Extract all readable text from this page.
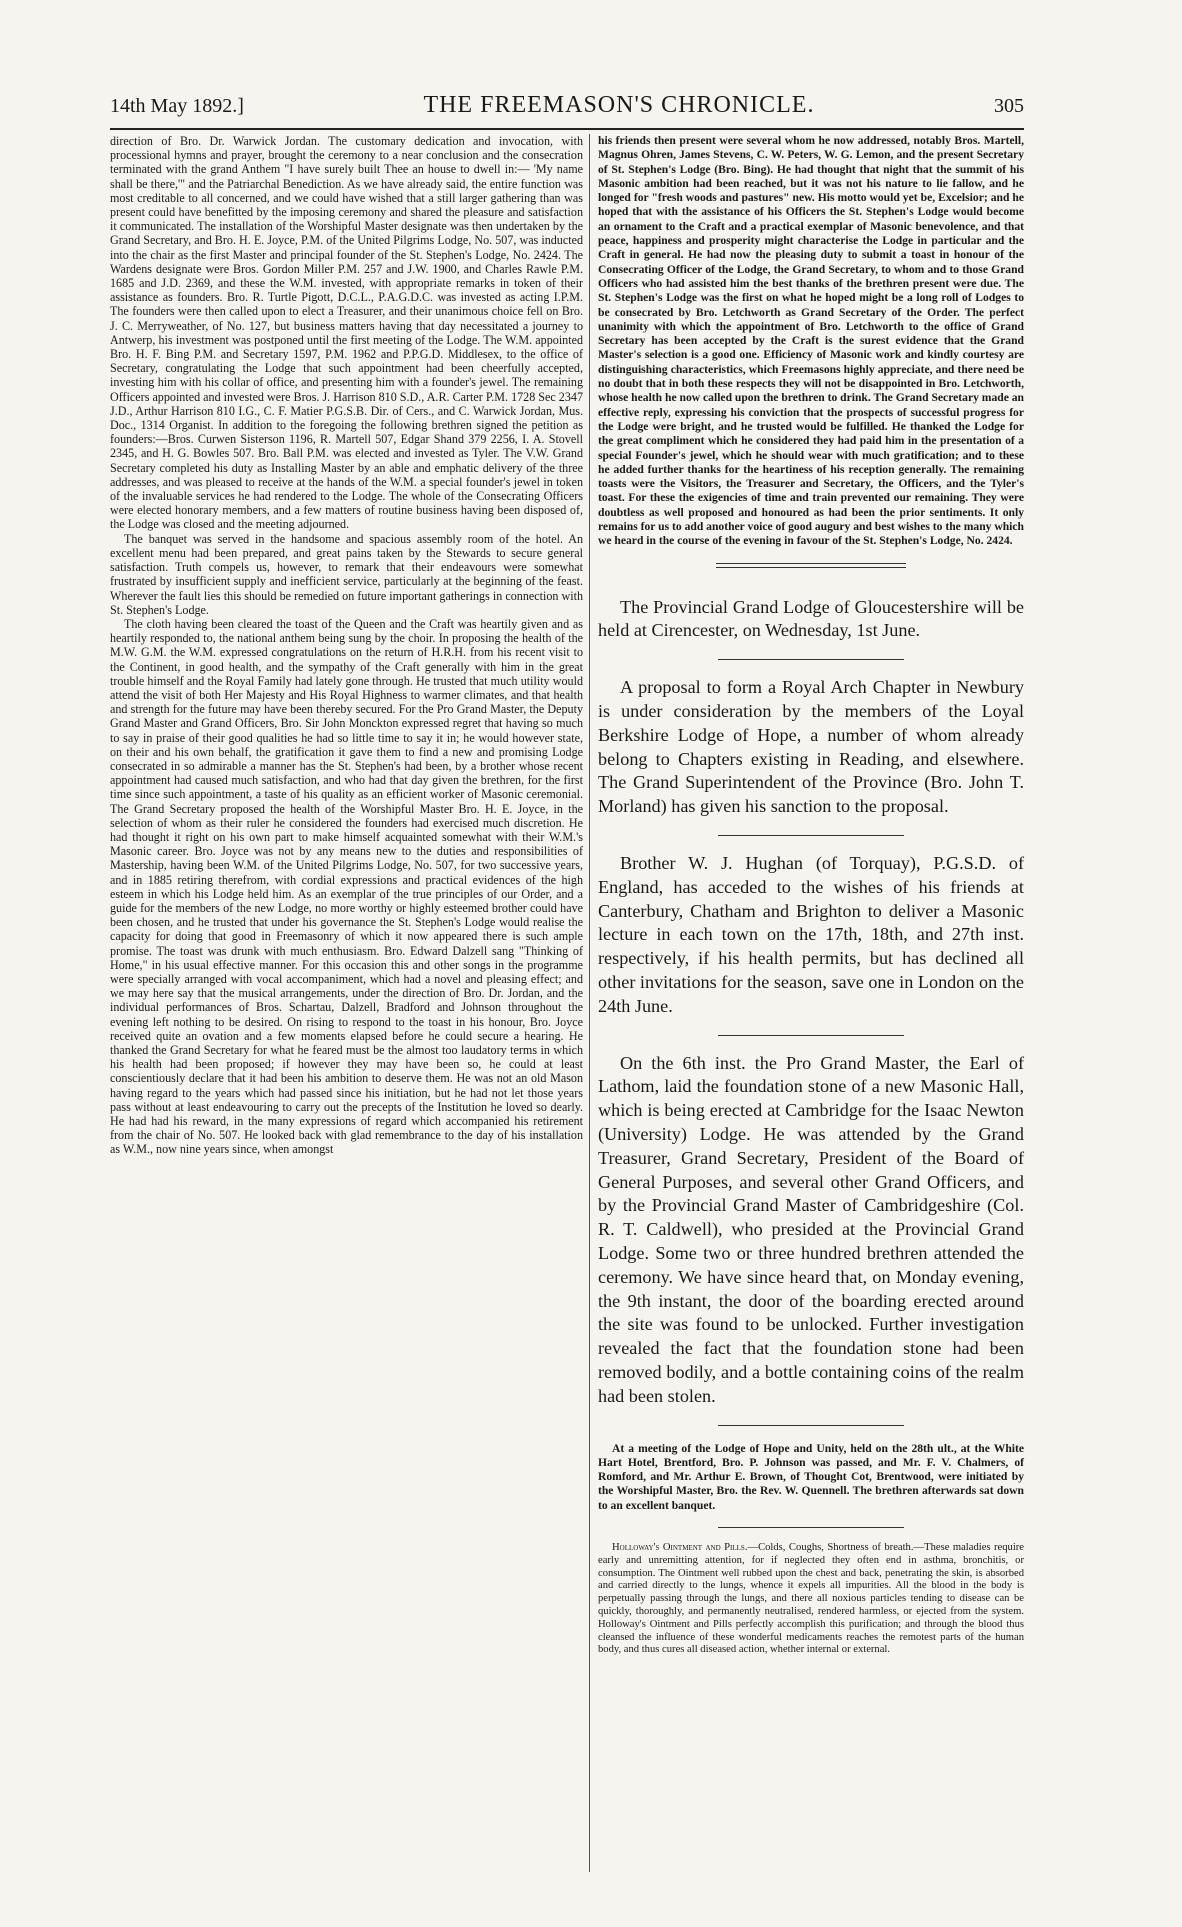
14th May 1892.]	THE FREEMASON'S CHRONICLE.	305

direction of Bro. Dr. Warwick Jordan. The customary dedication and invocation, with processional hymns and prayer, brought the ceremony to a near conclusion and the consecration terminated with the grand Anthem "I have surely built Thee an house to dwell in:— 'My name shall be there,'" and the Patriarchal Benediction. As we have already said, the entire function was most creditable to all concerned, and we could have wished that a still larger gathering than was present could have benefitted by the imposing ceremony and shared the pleasure and satisfaction it communicated. The installation of the Worshipful Master designate was then undertaken by the Grand Secretary, and Bro. H. E. Joyce, P.M. of the United Pilgrims Lodge, No. 507, was inducted into the chair as the first Master and principal founder of the St. Stephen's Lodge, No. 2424. The Wardens designate were Bros. Gordon Miller P.M. 257 and J.W. 1900, and Charles Rawle P.M. 1685 and J.D. 2369, and these the W.M. invested, with appropriate remarks in token of their assistance as founders. Bro. R. Turtle Pigott, D.C.L., P.A.G.D.C. was invested as acting I.P.M. The founders were then called upon to elect a Treasurer, and their unanimous choice fell on Bro. J. C. Merryweather, of No. 127, but business matters having that day necessitated a journey to Antwerp, his investment was postponed until the first meeting of the Lodge. The W.M. appointed Bro. H. F. Bing P.M. and Secretary 1597, P.M. 1962 and P.P.G.D. Middlesex, to the office of Secretary, congratulating the Lodge that such appointment had been cheerfully accepted, investing him with his collar of office, and presenting him with a founder's jewel. The remaining Officers appointed and invested were Bros. J. Harrison 810 S.D., A.R. Carter P.M. 1728 Sec 2347 J.D., Arthur Harrison 810 I.G., C. F. Matier P.G.S.B. Dir. of Cers., and C. Warwick Jordan, Mus. Doc., 1314 Organist. In addition to the foregoing the following brethren signed the petition as founders:—Bros. Curwen Sisterson 1196, R. Martell 507, Edgar Shand 379 2256, I. A. Stovell 2345, and H. G. Bowles 507. Bro. Ball P.M. was elected and invested as Tyler. The V.W. Grand Secretary completed his duty as Installing Master by an able and emphatic delivery of the three addresses, and was pleased to receive at the hands of the W.M. a special founder's jewel in token of the invaluable services he had rendered to the Lodge. The whole of the Consecrating Officers were elected honorary members, and a few matters of routine business having been disposed of, the Lodge was closed and the meeting adjourned.

The banquet was served in the handsome and spacious assembly room of the hotel. An excellent menu had been prepared, and great pains taken by the Stewards to secure general satisfaction. Truth compels us, however, to remark that their endeavours were somewhat frustrated by insufficient supply and inefficient service, particularly at the beginning of the feast. Wherever the fault lies this should be remedied on future important gatherings in connection with St. Stephen's Lodge.

The cloth having been cleared the toast of the Queen and the Craft was heartily given and as heartily responded to, the national anthem being sung by the choir. In proposing the health of the M.W. G.M. the W.M. expressed congratulations on the return of H.R.H. from his recent visit to the Continent, in good health, and the sympathy of the Craft generally with him in the great trouble himself and the Royal Family had lately gone through. He trusted that much utility would attend the visit of both Her Majesty and His Royal Highness to warmer climates, and that health and strength for the future may have been thereby secured. For the Pro Grand Master, the Deputy Grand Master and Grand Officers, Bro. Sir John Monckton expressed regret that having so much to say in praise of their good qualities he had so little time to say it in; he would however state, on their and his own behalf, the gratification it gave them to find a new and promising Lodge consecrated in so admirable a manner has the St. Stephen's had been, by a brother whose recent appointment had caused much satisfaction, and who had that day given the brethren, for the first time since such appointment, a taste of his quality as an efficient worker of Masonic ceremonial. The Grand Secretary proposed the health of the Worshipful Master Bro. H. E. Joyce, in the selection of whom as their ruler he considered the founders had exercised much discretion. He had thought it right on his own part to make himself acquainted somewhat with their W.M.'s Masonic career. Bro. Joyce was not by any means new to the duties and responsibilities of Mastership, having been W.M. of the United Pilgrims Lodge, No. 507, for two successive years, and in 1885 retiring therefrom, with cordial expressions and practical evidences of the high esteem in which his Lodge held him. As an exemplar of the true principles of our Order, and a guide for the members of the new Lodge, no more worthy or highly esteemed brother could have been chosen, and he trusted that under his governance the St. Stephen's Lodge would realise the capacity for doing that good in Freemasonry of which it now appeared there is such ample promise. The toast was drunk with much enthusiasm. Bro. Edward Dalzell sang "Thinking of Home," in his usual effective manner. For this occasion this and other songs in the programme were specially arranged with vocal accompaniment, which had a novel and pleasing effect; and we may here say that the musical arrangements, under the direction of Bro. Dr. Jordan, and the individual performances of Bros. Schartau, Dalzell, Bradford and Johnson throughout the evening left nothing to be desired. On rising to respond to the toast in his honour, Bro. Joyce received quite an ovation and a few moments elapsed before he could secure a hearing. He thanked the Grand Secretary for what he feared must be the almost too laudatory terms in which his health had been proposed; if however they may have been so, he could at least conscientiously declare that it had been his ambition to deserve them. He was not an old Mason having regard to the years which had passed since his initiation, but he had not let those years pass without at least endeavouring to carry out the precepts of the Institution he loved so dearly. He had had his reward, in the many expressions of regard which accompanied his retirement from the chair of No. 507. He looked back with glad remembrance to the day of his installation as W.M., now nine years since, when amongst

his friends then present were several whom he now addressed, notably Bros. Martell, Magnus Ohren, James Stevens, C. W. Peters, W. G. Lemon, and the present Secretary of St. Stephen's Lodge (Bro. Bing). He had thought that night that the summit of his Masonic ambition had been reached, but it was not his nature to lie fallow, and he longed for "fresh woods and pastures" new. His motto would yet be, Excelsior; and he hoped that with the assistance of his Officers the St. Stephen's Lodge would become an ornament to the Craft and a practical exemplar of Masonic benevolence, and that peace, happiness and prosperity might characterise the Lodge in particular and the Craft in general. He had now the pleasing duty to submit a toast in honour of the Consecrating Officer of the Lodge, the Grand Secretary, to whom and to those Grand Officers who had assisted him the best thanks of the brethren present were due. The St. Stephen's Lodge was the first on what he hoped might be a long roll of Lodges to be consecrated by Bro. Letchworth as Grand Secretary of the Order. The perfect unanimity with which the appointment of Bro. Letchworth to the office of Grand Secretary has been accepted by the Craft is the surest evidence that the Grand Master's selection is a good one. Efficiency of Masonic work and kindly courtesy are distinguishing characteristics, which Freemasons highly appreciate, and there need be no doubt that in both these respects they will not be disappointed in Bro. Letchworth, whose health he now called upon the brethren to drink. The Grand Secretary made an effective reply, expressing his conviction that the prospects of successful progress for the Lodge were bright, and he trusted would be fulfilled. He thanked the Lodge for the great compliment which he considered they had paid him in the presentation of a special Founder's jewel, which he should wear with much gratification; and to these he added further thanks for the heartiness of his reception generally. The remaining toasts were the Visitors, the Treasurer and Secretary, the Officers, and the Tyler's toast. For these the exigencies of time and train prevented our remaining. They were doubtless as well proposed and honoured as had been the prior sentiments. It only remains for us to add another voice of good augury and best wishes to the many which we heard in the course of the evening in favour of the St. Stephen's Lodge, No. 2424.

The Provincial Grand Lodge of Gloucestershire will be held at Cirencester, on Wednesday, 1st June.

A proposal to form a Royal Arch Chapter in Newbury is under consideration by the members of the Loyal Berkshire Lodge of Hope, a number of whom already belong to Chapters existing in Reading, and elsewhere. The Grand Superintendent of the Province (Bro. John T. Morland) has given his sanction to the proposal.

Brother W. J. Hughan (of Torquay), P.G.S.D. of England, has acceded to the wishes of his friends at Canterbury, Chatham and Brighton to deliver a Masonic lecture in each town on the 17th, 18th, and 27th inst. respectively, if his health permits, but has declined all other invitations for the season, save one in London on the 24th June.

On the 6th inst. the Pro Grand Master, the Earl of Lathom, laid the foundation stone of a new Masonic Hall, which is being erected at Cambridge for the Isaac Newton (University) Lodge. He was attended by the Grand Treasurer, Grand Secretary, President of the Board of General Purposes, and several other Grand Officers, and by the Provincial Grand Master of Cambridgeshire (Col. R. T. Caldwell), who presided at the Provincial Grand Lodge. Some two or three hundred brethren attended the ceremony. We have since heard that, on Monday evening, the 9th instant, the door of the boarding erected around the site was found to be unlocked. Further investigation revealed the fact that the foundation stone had been removed bodily, and a bottle containing coins of the realm had been stolen.

At a meeting of the Lodge of Hope and Unity, held on the 28th ult., at the White Hart Hotel, Brentford, Bro. P. Johnson was passed, and Mr. F. V. Chalmers, of Romford, and Mr. Arthur E. Brown, of Thought Cot, Brentwood, were initiated by the Worshipful Master, Bro. the Rev. W. Quennell. The brethren afterwards sat down to an excellent banquet.

Holloway's Ointment and Pills.—Colds, Coughs, Shortness of breath.—These maladies require early and unremitting attention, for if neglected they often end in asthma, bronchitis, or consumption. The Ointment well rubbed upon the chest and back, penetrating the skin, is absorbed and carried directly to the lungs, whence it expels all impurities. All the blood in the body is perpetually passing through the lungs, and there all noxious particles tending to disease can be quickly, thoroughly, and permanently neutralised, rendered harmless, or ejected from the system. Holloway's Ointment and Pills perfectly accomplish this purification; and through the blood thus cleansed the influence of these wonderful medicaments reaches the remotest parts of the human body, and thus cures all diseased action, whether internal or external.
